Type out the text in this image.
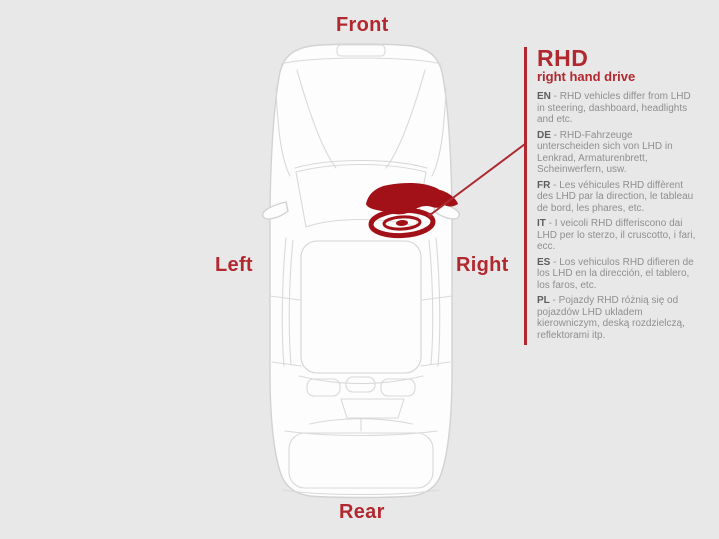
Front
Left	Right
Rear
RHD
right hand drive

EN - RHD vehicles differ from LHD in steering, dashboard, headlights and etc.

DE - RHD-Fahrzeuge unterscheiden sich von LHD in Lenkrad, Armaturenbrett, Scheinwerfern, usw.

FR - Les véhicules RHD diffèrent des LHD par la direction, le tableau de bord, les phares, etc.

IT - I veicoli RHD differiscono dai LHD per lo sterzo, il cruscotto, i fari, ecc.

ES - Los vehiculos RHD difieren de los LHD en la dirección, el tablero, los faros, etc.

PL - Pojazdy RHD różnią się od pojazdów LHD ukladem kierowniczym, deską rozdzielczą, reflektorami itp.
